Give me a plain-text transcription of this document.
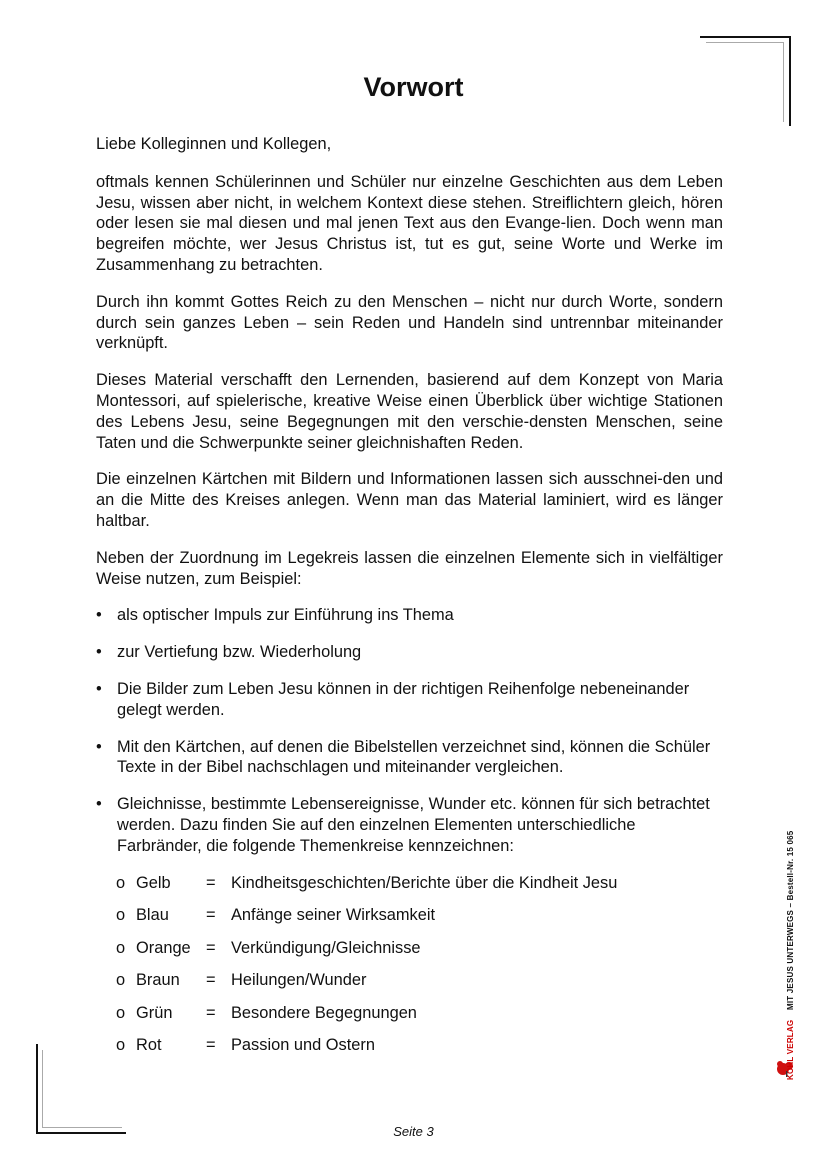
Vorwort

Liebe Kolleginnen und Kollegen,

oftmals kennen Schülerinnen und Schüler nur einzelne Geschichten aus dem Leben Jesu, wissen aber nicht, in welchem Kontext diese stehen. Streiflichtern gleich, hören oder lesen sie mal diesen und mal jenen Text aus den Evange-lien. Doch wenn man begreifen möchte, wer Jesus Christus ist, tut es gut, seine Worte und Werke im Zusammenhang zu betrachten.

Durch ihn kommt Gottes Reich zu den Menschen – nicht nur durch Worte, sondern durch sein ganzes Leben – sein Reden und Handeln sind untrennbar miteinander verknüpft.

Dieses Material verschafft den Lernenden, basierend auf dem Konzept von Maria Montessori, auf spielerische, kreative Weise einen Überblick über wichtige Stationen des Lebens Jesu, seine Begegnungen mit den verschie-densten Menschen, seine Taten und die Schwerpunkte seiner gleichnishaften Reden.

Die einzelnen Kärtchen mit Bildern und Informationen lassen sich ausschnei-den und an die Mitte des Kreises anlegen. Wenn man das Material laminiert, wird es länger haltbar.

Neben der Zuordnung im Legekreis lassen die einzelnen Elemente sich in vielfältiger Weise nutzen, zum Beispiel:

• als optischer Impuls zur Einführung ins Thema
• zur Vertiefung bzw. Wiederholung
• Die Bilder zum Leben Jesu können in der richtigen Reihenfolge nebeneinander gelegt werden.
• Mit den Kärtchen, auf denen die Bibelstellen verzeichnet sind, können die Schüler Texte in der Bibel nachschlagen und miteinander vergleichen.
• Gleichnisse, bestimmte Lebensereignisse, Wunder etc. können für sich betrachtet werden. Dazu finden Sie auf den einzelnen Elementen unterschiedliche Farbränder, die folgende Themenkreise kennzeichnen:
o Gelb	= Kindheitsgeschichten/Berichte über die Kindheit Jesu
o Blau	= Anfänge seiner Wirksamkeit
o Orange = Verkündigung/Gleichnisse
o Braun	= Heilungen/Wunder
o Grün	= Besondere Begegnungen
o Rot	= Passion und Ostern	KOHL VERLAG    MIT JESUS UNTERWEGS – Bestell-Nr. 15 065
Seite 3
